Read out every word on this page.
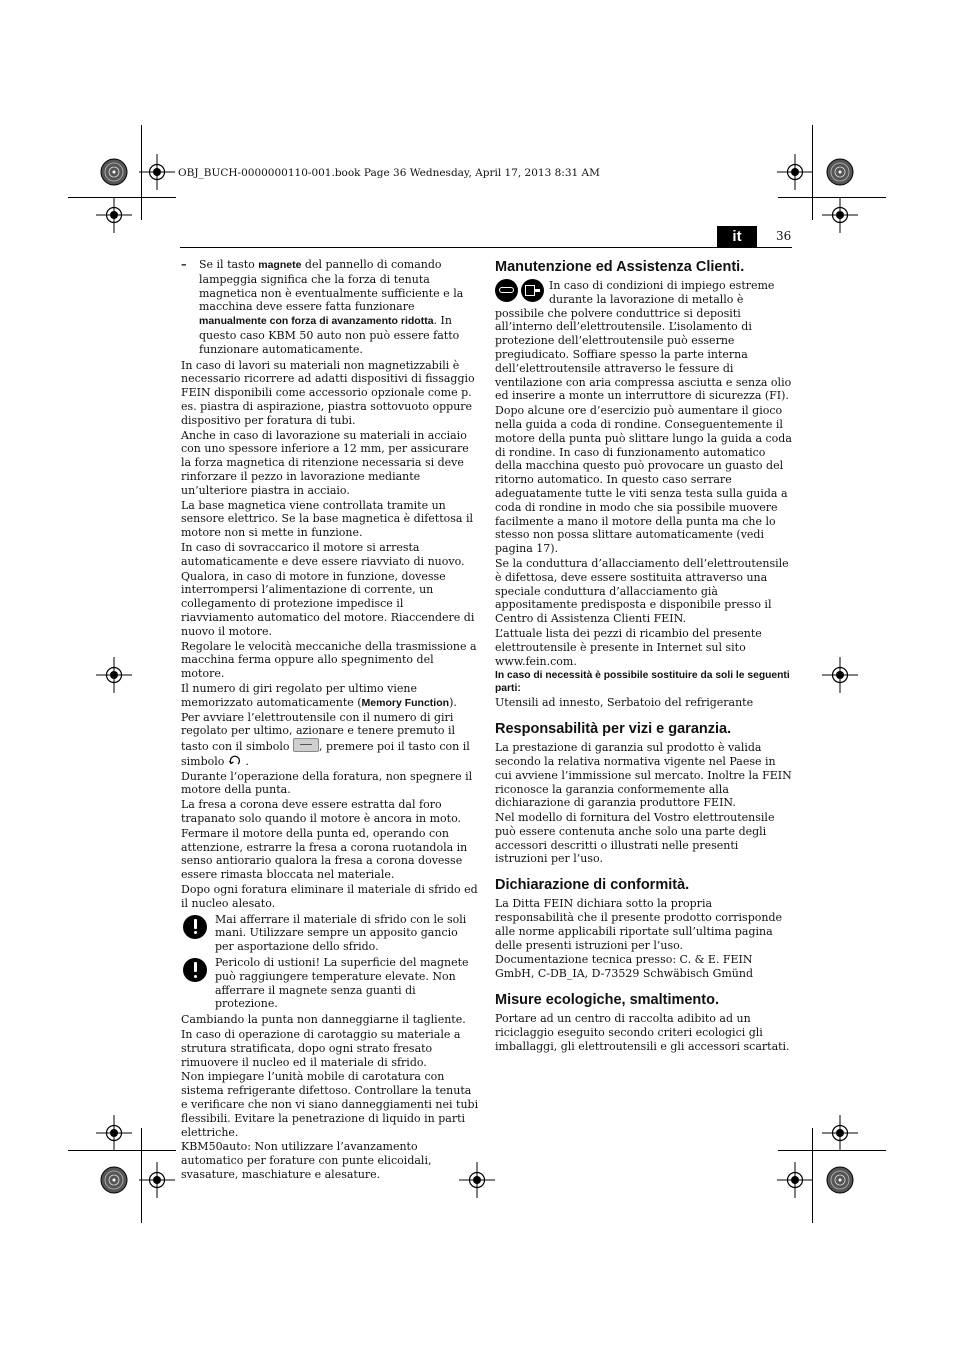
OBJ_BUCH-0000000110-001.book Page 36 Wednesday, April 17, 2013 8:31 AM
it	36

– Se il tasto magnete del pannello di comando lampeggia significa che la forza di tenuta magnetica non è eventualmente sufficiente e la macchina deve essere fatta funzionare manualmente con forza di avanzamento ridotta. In questo caso KBM 50 auto non può essere fatto funzionare automaticamente.

In caso di lavori su materiali non magnetizzabili è necessario ricorrere ad adatti dispositivi di fissaggio FEIN disponibili come accessorio opzionale come p. es. piastra di aspirazione, piastra sottovuoto oppure dispositivo per foratura di tubi.

Anche in caso di lavorazione su materiali in acciaio con uno spessore inferiore a 12 mm, per assicurare la forza magnetica di ritenzione necessaria si deve rinforzare il pezzo in lavorazione mediante un’ulteriore piastra in acciaio.

La base magnetica viene controllata tramite un sensore elettrico. Se la base magnetica è difettosa il motore non si mette in funzione.

In caso di sovraccarico il motore si arresta automaticamente e deve essere riavviato di nuovo.

Qualora, in caso di motore in funzione, dovesse interrompersi l’alimentazione di corrente, un collegamento di protezione impedisce il riavviamento automatico del motore. Riaccendere di nuovo il motore.

Regolare le velocità meccaniche della trasmissione a macchina ferma oppure allo spegnimento del motore.

Il numero di giri regolato per ultimo viene memorizzato automaticamente (Memory Function). Per avviare l’elettroutensile con il numero di giri regolato per ultimo, azionare e tenere premuto il tasto con il simbolo , premere poi il tasto con il simbolo  .

Durante l’operazione della foratura, non spegnere il motore della punta.

La fresa a corona deve essere estratta dal foro trapanato solo quando il motore è ancora in moto.

Fermare il motore della punta ed, operando con attenzione, estrarre la fresa a corona ruotandola in senso antiorario qualora la fresa a corona dovesse essere rimasta bloccata nel materiale.

Dopo ogni foratura eliminare il materiale di sfrido ed il nucleo alesato.

Mai afferrare il materiale di sfrido con le soli mani. Utilizzare sempre un apposito gancio per asportazione dello sfrido.
Pericolo di ustioni! La superficie del magnete può raggiungere temperature elevate. Non afferrare il magnete senza guanti di protezione.

Cambiando la punta non danneggiarne il tagliente.

In caso di operazione di carotaggio su materiale a strutura stratificata, dopo ogni strato fresato rimuovere il nucleo ed il materiale di sfrido.

Non impiegare l’unità mobile di carotatura con sistema refrigerante difettoso. Controllare la tenuta e verificare che non vi siano danneggiamenti nei tubi flessibili. Evitare la penetrazione di liquido in parti elettriche.

KBM50auto: Non utilizzare l’avanzamento automatico per forature con punte elicoidali, svasature, maschiature e alesature.

Manutenzione ed Assistenza Clienti.

In caso di condizioni di impiego estreme durante la lavorazione di metallo è possibile che polvere conduttrice si depositi all’interno dell’elettroutensile. L’isolamento di protezione dell’elettroutensile può esserne pregiudicato. Soffiare spesso la parte interna dell’elettroutensile attraverso le fessure di ventilazione con aria compressa asciutta e senza olio ed inserire a monte un interruttore di sicurezza (FI).

Dopo alcune ore d’esercizio può aumentare il gioco nella guida a coda di rondine. Conseguentemente il motore della punta può slittare lungo la guida a coda di rondine. In caso di funzionamento automatico della macchina questo può provocare un guasto del ritorno automatico. In questo caso serrare adeguatamente tutte le viti senza testa sulla guida a coda di rondine in modo che sia possibile muovere facilmente a mano il motore della punta ma che lo stesso non possa slittare automaticamente (vedi pagina 17).

Se la conduttura d’allacciamento dell’elettroutensile è difettosa, deve essere sostituita attraverso una speciale conduttura d’allacciamento già appositamente predisposta e disponibile presso il Centro di Assistenza Clienti FEIN.

L’attuale lista dei pezzi di ricambio del presente elettroutensile è presente in Internet sul sito www.fein.com.

In caso di necessità è possibile sostituire da soli le seguenti parti:

Utensili ad innesto, Serbatoio del refrigerante

Responsabilità per vizi e garanzia.

La prestazione di garanzia sul prodotto è valida secondo la relativa normativa vigente nel Paese in cui avviene l’immissione sul mercato. Inoltre la FEIN riconosce la garanzia conformemente alla dichiarazione di garanzia produttore FEIN.

Nel modello di fornitura del Vostro elettroutensile può essere contenuta anche solo una parte degli accessori descritti o illustrati nelle presenti istruzioni per l’uso.

Dichiarazione di conformità.

La Ditta FEIN dichiara sotto la propria responsabilità che il presente prodotto corrisponde alle norme applicabili riportate sull’ultima pagina delle presenti istruzioni per l’uso.

Documentazione tecnica presso: C. & E. FEIN GmbH, C-DB_IA, D-73529 Schwäbisch Gmünd

Misure ecologiche, smaltimento.

Portare ad un centro di raccolta adibito ad un riciclaggio eseguito secondo criteri ecologici gli imballaggi, gli elettroutensili e gli accessori scartati.
